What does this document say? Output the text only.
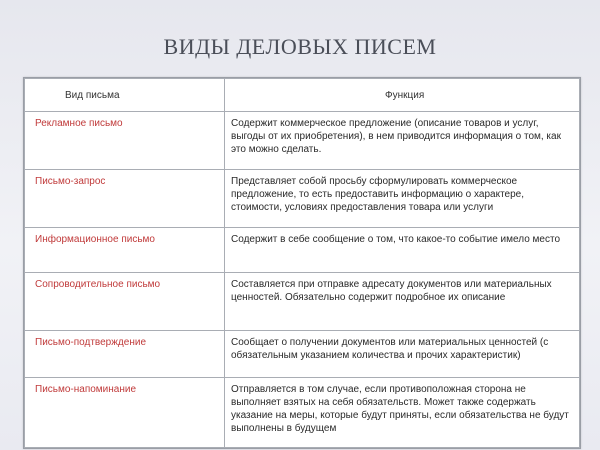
ВИДЫ ДЕЛОВЫХ ПИСЕМ
Вид письма	Функция
Рекламное письмо	Содержит коммерческое предложение (описание товаров и услуг, выгоды от их приобретения), в нем приводится информация о том, как это можно сделать.
Письмо-запрос	Представляет собой просьбу сформулировать коммерческое предложение, то есть предоставить информацию о характере, стоимости, условиях предоставления товара или услуги
Информационное письмо	Содержит в себе сообщение о том, что какое-то событие имело место
Сопроводительное письмо	Составляется при отправке адресату документов или материальных ценностей. Обязательно содержит подробное их описание
Письмо-подтверждение	Сообщает о получении документов или материальных ценностей (с обязательным указанием количества и прочих характеристик)
Письмо-напоминание	Отправляется в том случае, если противоположная сторона не выполняет взятых на себя обязательств. Может также содержать указание на меры, которые будут приняты, если обязательства не будут выполнены в будущем
